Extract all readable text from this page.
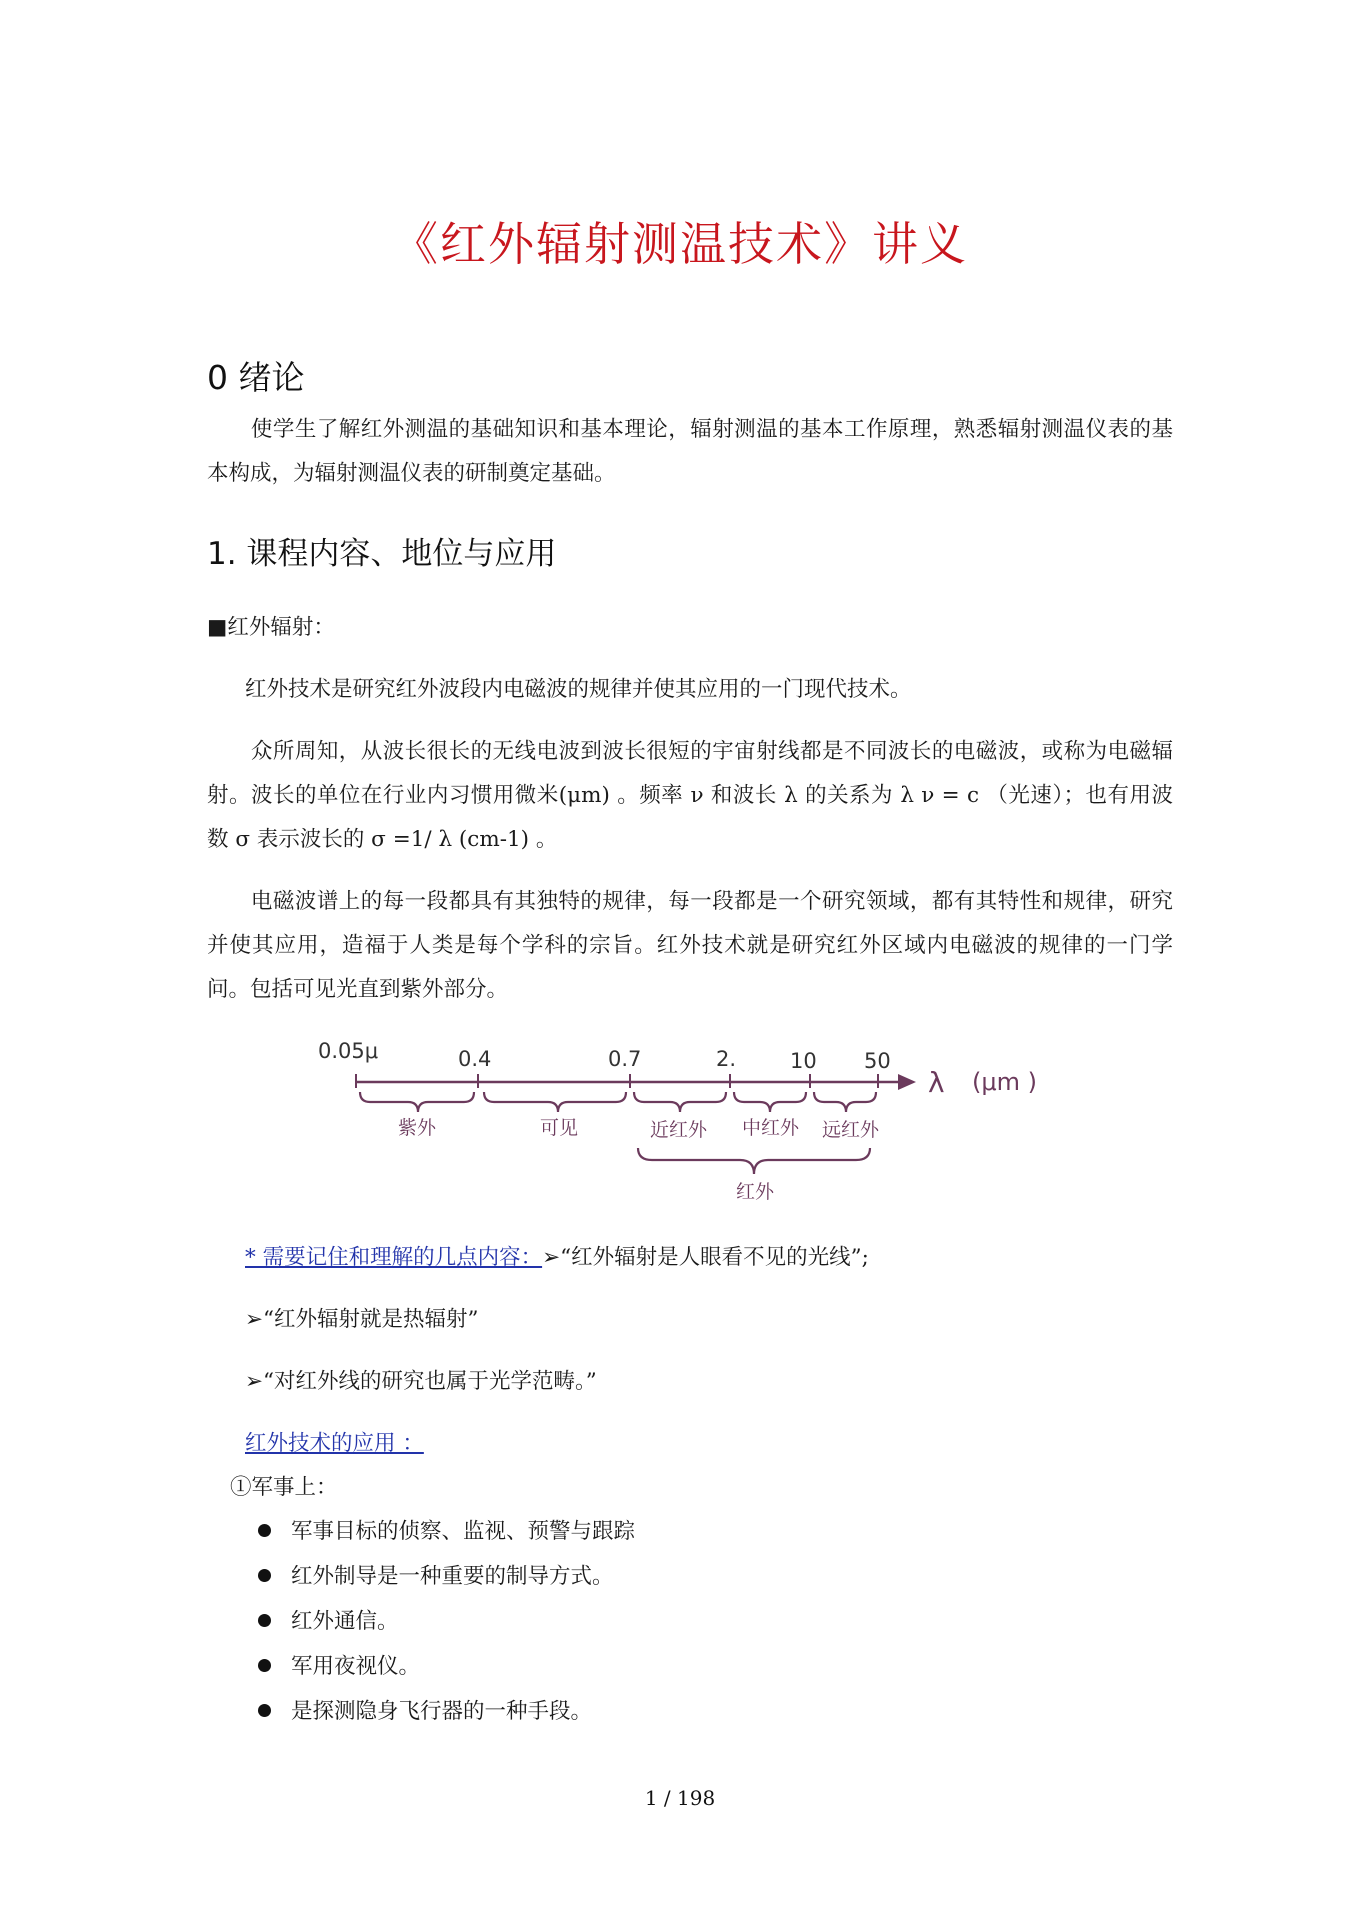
《红外辐射测温技术》讲义
0 绪论
　　使学生了解红外测温的基础知识和基本理论，辐射测温的基本工作原理，熟悉辐射测温仪表的基本构成，为辐射测温仪表的研制奠定基础。
1. 课程内容、地位与应用
■红外辐射：
红外技术是研究红外波段内电磁波的规律并使其应用的一门现代技术。
　　众所周知，从波长很长的无线电波到波长很短的宇宙射线都是不同波长的电磁波，或称为电磁辐射。波长的单位在行业内习惯用微米(μm) 。频率 ν 和波长 λ 的关系为 λ ν = c （光速）；也有用波数 σ 表示波长的 σ =1/ λ (cm-1) 。
　　电磁波谱上的每一段都具有其独特的规律，每一段都是一个研究领域，都有其特性和规律，研究并使其应用，造福于人类是每个学科的宗旨。红外技术就是研究红外区域内电磁波的规律的一门学问。包括可见光直到紫外部分。
0.05μ	0.4	0.7	2.	10 50
λ (μm )
紫外	可见	近红外 中红外 远红外
红外
* 需要记住和理解的几点内容：➢“红外辐射是人眼看不见的光线”;
➢“红外辐射就是热辐射”
➢“对红外线的研究也属于光学范畴。”
红外技术的应用 ：
①军事上：
军事目标的侦察、监视、预警与跟踪
红外制导是一种重要的制导方式。
红外通信。
军用夜视仪。
是探测隐身飞行器的一种手段。
1 / 198
